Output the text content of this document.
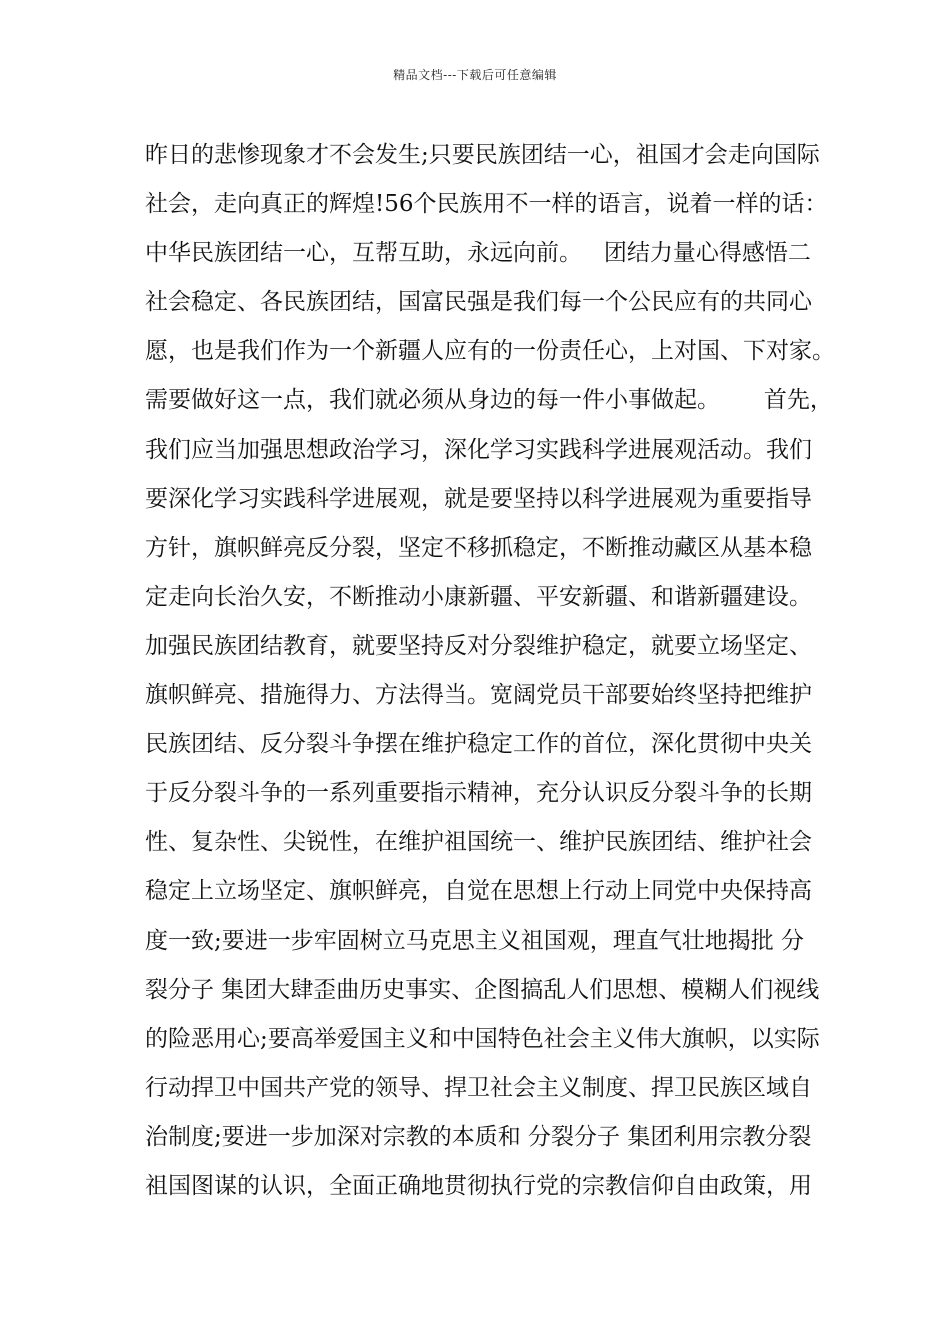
精品文档---下载后可任意编辑
昨日的悲惨现象才不会发生;只要民族团结一心，祖国才会走向国际
社会，走向真正的辉煌!56个民族用不一样的语言，说着一样的话：
中华民族团结一心，互帮互助，永远向前。   团结力量心得感悟二
社会稳定、各民族团结，国富民强是我们每一个公民应有的共同心
愿，也是我们作为一个新疆人应有的一份责任心，上对国、下对家。
需要做好这一点，我们就必须从身边的每一件小事做起。      首先，
我们应当加强思想政治学习，深化学习实践科学进展观活动。我们
要深化学习实践科学进展观，就是要坚持以科学进展观为重要指导
方针，旗帜鲜亮反分裂，坚定不移抓稳定，不断推动藏区从基本稳
定走向长治久安，不断推动小康新疆、平安新疆、和谐新疆建设。
加强民族团结教育，就要坚持反对分裂维护稳定，就要立场坚定、
旗帜鲜亮、措施得力、方法得当。宽阔党员干部要始终坚持把维护
民族团结、反分裂斗争摆在维护稳定工作的首位，深化贯彻中央关
于反分裂斗争的一系列重要指示精神，充分认识反分裂斗争的长期
性、复杂性、尖锐性，在维护祖国统一、维护民族团结、维护社会
稳定上立场坚定、旗帜鲜亮，自觉在思想上行动上同党中央保持高
度一致;要进一步牢固树立马克思主义祖国观，理直气壮地揭批 分
裂分子 集团大肆歪曲历史事实、企图搞乱人们思想、模糊人们视线
的险恶用心;要高举爱国主义和中国特色社会主义伟大旗帜，以实际
行动捍卫中国共产党的领导、捍卫社会主义制度、捍卫民族区域自
治制度;要进一步加深对宗教的本质和 分裂分子 集团利用宗教分裂
祖国图谋的认识，全面正确地贯彻执行党的宗教信仰自由政策，用
